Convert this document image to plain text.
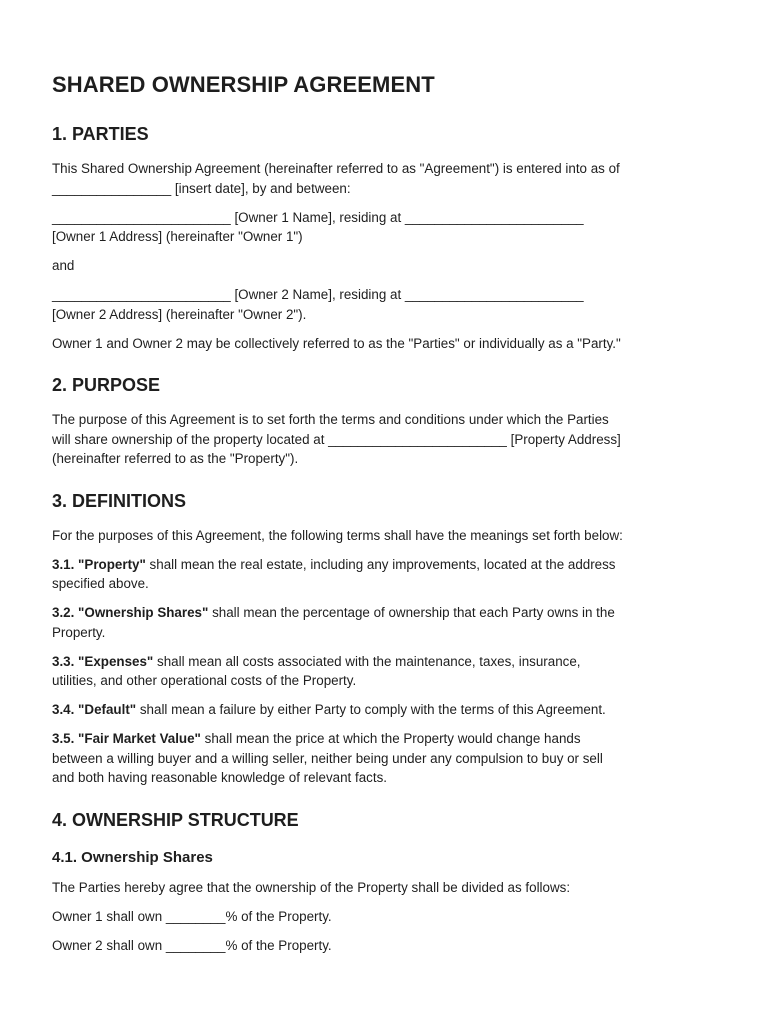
SHARED OWNERSHIP AGREEMENT
1. PARTIES

This Shared Ownership Agreement (hereinafter referred to as "Agreement") is entered into as of
________________ [insert date], by and between:

________________________ [Owner 1 Name], residing at ________________________
[Owner 1 Address] (hereinafter "Owner 1")

and

________________________ [Owner 2 Name], residing at ________________________
[Owner 2 Address] (hereinafter "Owner 2").

Owner 1 and Owner 2 may be collectively referred to as the "Parties" or individually as a "Party."

2. PURPOSE

The purpose of this Agreement is to set forth the terms and conditions under which the Parties
will share ownership of the property located at ________________________ [Property Address]
(hereinafter referred to as the "Property").

3. DEFINITIONS

For the purposes of this Agreement, the following terms shall have the meanings set forth below:

3.1. "Property" shall mean the real estate, including any improvements, located at the address
specified above.

3.2. "Ownership Shares" shall mean the percentage of ownership that each Party owns in the
Property.

3.3. "Expenses" shall mean all costs associated with the maintenance, taxes, insurance,
utilities, and other operational costs of the Property.

3.4. "Default" shall mean a failure by either Party to comply with the terms of this Agreement.

3.5. "Fair Market Value" shall mean the price at which the Property would change hands
between a willing buyer and a willing seller, neither being under any compulsion to buy or sell
and both having reasonable knowledge of relevant facts.

4. OWNERSHIP STRUCTURE
4.1. Ownership Shares

The Parties hereby agree that the ownership of the Property shall be divided as follows:

Owner 1 shall own ________% of the Property.

Owner 2 shall own ________% of the Property.
